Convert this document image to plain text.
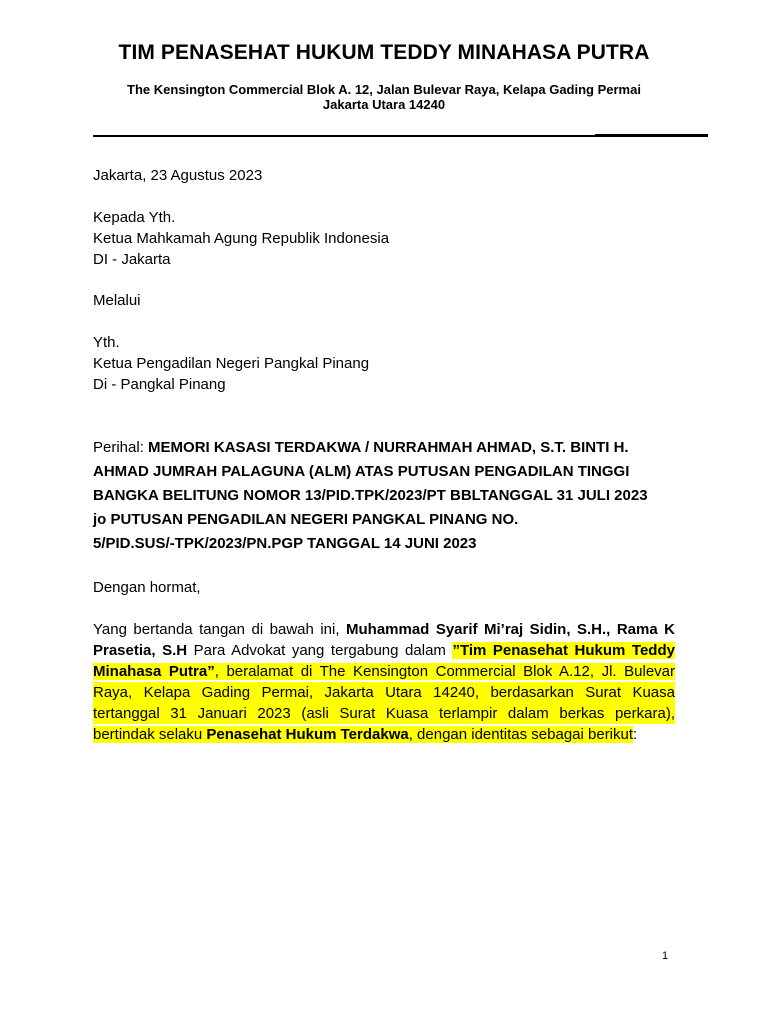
TIM PENASEHAT HUKUM TEDDY MINAHASA PUTRA
The Kensington Commercial Blok A. 12, Jalan Bulevar Raya, Kelapa Gading Permai
Jakarta Utara 14240
Jakarta, 23 Agustus 2023
Kepada Yth.
Ketua Mahkamah Agung Republik Indonesia
DI - Jakarta
Melalui
Yth.
Ketua Pengadilan Negeri Pangkal Pinang
Di - Pangkal Pinang
Perihal: MEMORI KASASI TERDAKWA / NURRAHMAH AHMAD, S.T. BINTI H.
AHMAD JUMRAH PALAGUNA (ALM) ATAS PUTUSAN PENGADILAN TINGGI
BANGKA BELITUNG NOMOR 13/PID.TPK/2023/PT BBLTANGGAL 31 JULI 2023
jo PUTUSAN PENGADILAN NEGERI PANGKAL PINANG NO.
5/PID.SUS/-TPK/2023/PN.PGP TANGGAL 14 JUNI 2023
Dengan hormat,
Yang bertanda tangan di bawah ini, Muhammad Syarif Mi’raj Sidin, S.H., Rama K
Prasetia, S.H Para Advokat yang tergabung dalam ”Tim Penasehat Hukum Teddy
Minahasa Putra”, beralamat di The Kensington Commercial Blok A.12, Jl. Bulevar
Raya, Kelapa Gading Permai, Jakarta Utara 14240, berdasarkan Surat Kuasa
tertanggal 31 Januari 2023 (asli Surat Kuasa terlampir dalam berkas perkara),
bertindak selaku Penasehat Hukum Terdakwa, dengan identitas sebagai berikut:
1
